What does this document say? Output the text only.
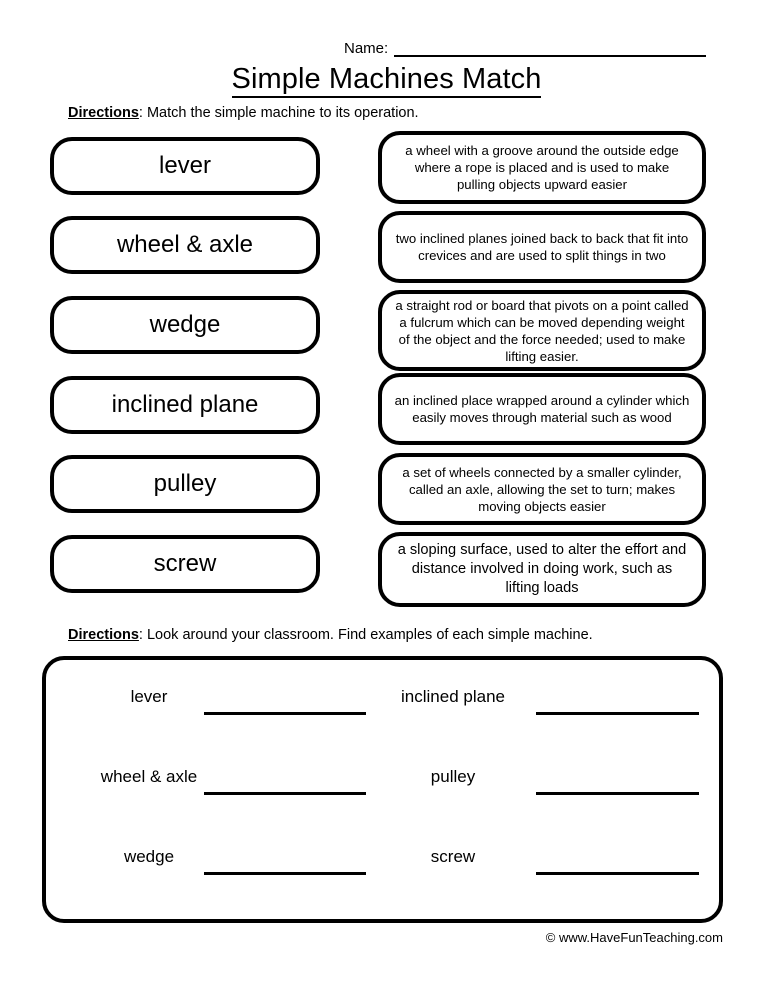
Name:
Simple Machines Match
Directions: Match the simple machine to its operation.
lever
wheel & axle
wedge
inclined plane
pulley
screw
a wheel with a groove around the outside edge where a rope is placed and is used to make pulling objects upward easier
two inclined planes joined back to back that fit into crevices and are used to split things in two
a straight rod or board that pivots on a point called a fulcrum which can be moved depending weight of the object and the force needed; used to make lifting easier.
an inclined place wrapped around a cylinder which easily moves through material such as wood
a set of wheels connected by a smaller cylinder, called an axle, allowing the set to turn; makes moving objects easier
a sloping surface, used to alter the effort and distance involved in doing work, such as lifting loads
Directions: Look around your classroom. Find examples of each simple machine.
lever	inclined plane
wheel & axle	pulley
wedge	screw
© www.HaveFunTeaching.com
